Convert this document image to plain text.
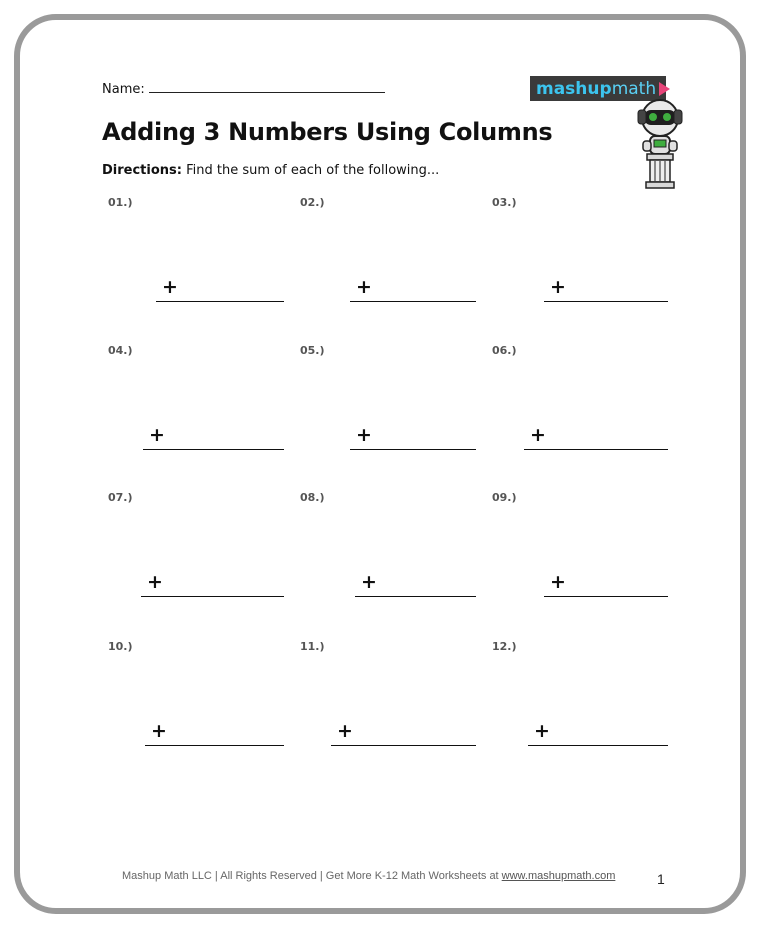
Name:	mashup math
Adding 3 Numbers Using Columns
Directions: Find the sum of each of the following...
01.)
+
02.)
+
03.)
+
04.)
+
05.)
+
06.)
+
07.)
+
08.)
+
09.)
+
10.)
+
11.)
+
12.)
+
Mashup Math LLC | All Rights Reserved | Get More K-12 Math Worksheets at www.mashupmath.com	1
